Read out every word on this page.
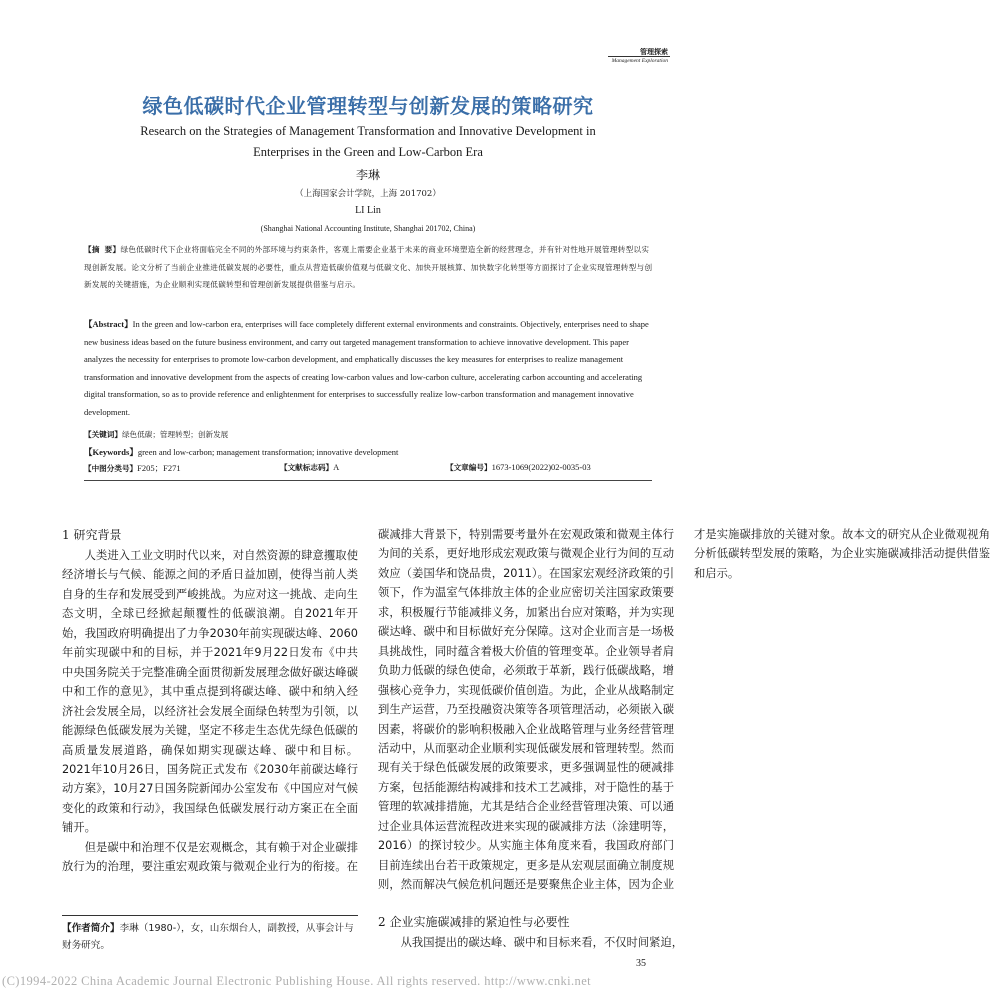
管理探索
Management Exploration
绿色低碳时代企业管理转型与创新发展的策略研究
Research on the Strategies of Management Transformation and Innovative Development in
Enterprises in the Green and Low-Carbon Era
李琳
（上海国家会计学院，上海 201702）
LI Lin
(Shanghai National Accounting Institute, Shanghai 201702, China)
【摘 要】绿色低碳时代下企业将面临完全不同的外部环境与约束条件，客观上需要企业基于未来的商业环境塑造全新的经营理念，并有针对性地开展管理转型以实现创新发展。论文分析了当前企业推进低碳发展的必要性，重点从营造低碳价值观与低碳文化、加快开展核算、加快数字化转型等方面探讨了企业实现管理转型与创新发展的关键措施，为企业顺利实现低碳转型和管理创新发展提供借鉴与启示。
【Abstract】In the green and low-carbon era, enterprises will face completely different external environments and constraints. Objectively, enterprises need to shape new business ideas based on the future business environment, and carry out targeted management transformation to achieve innovative development. This paper analyzes the necessity for enterprises to promote low-carbon development, and emphatically discusses the key measures for enterprises to realize management transformation and innovative development from the aspects of creating low-carbon values and low-carbon culture, accelerating carbon accounting and accelerating digital transformation, so as to provide reference and enlightenment for enterprises to successfully realize low-carbon transformation and management innovative development.
【关键词】绿色低碳；管理转型；创新发展
【Keywords】green and low-carbon; management transformation; innovative development
【中图分类号】F205；F271	【文献标志码】A	【文章编号】1673-1069(2022)02-0035-03
1 研究背景

人类进入工业文明时代以来，对自然资源的肆意攫取使经济增长与气候、能源之间的矛盾日益加剧，使得当前人类自身的生存和发展受到严峻挑战。为应对这一挑战、走向生态文明，全球已经掀起颠覆性的低碳浪潮。自2021年开始，我国政府明确提出了力争2030年前实现碳达峰、2060年前实现碳中和的目标，并于2021年9月22日发布《中共中央国务院关于完整准确全面贯彻新发展理念做好碳达峰碳中和工作的意见》，其中重点提到将碳达峰、碳中和纳入经济社会发展全局，以经济社会发展全面绿色转型为引领，以能源绿色低碳发展为关键，坚定不移走生态优先绿色低碳的高质量发展道路，确保如期实现碳达峰、碳中和目标。2021年10月26日，国务院正式发布《2030年前碳达峰行动方案》，10月27日国务院新闻办公室发布《中国应对气候变化的政策和行动》，我国绿色低碳发展行动方案正在全面铺开。

但是碳中和治理不仅是宏观概念，其有赖于对企业碳排放行为的治理，要注重宏观政策与微观企业行为的衔接。在碳减排大背景下，特别需要考量外在宏观政策和微观主体行为间的关系，更好地形成宏观政策与微观企业行为间的互动效应（姜国华和饶品贵，2011）。在国家宏观经济政策的引领下，作为温室气体排放主体的企业应密切关注国家政策要求，积极履行节能减排义务，加紧出台应对策略，并为实现碳达峰、碳中和目标做好充分保障。这对企业而言是一场极具挑战性，同时蕴含着极大价值的管理变革。企业领导者肩负助力低碳的绿色使命，必须敢于革新，践行低碳战略，增强核心竞争力，实现低碳价值创造。为此，企业从战略制定到生产运营，乃至投融资决策等各项管理活动，必须嵌入碳因素，将碳价的影响积极融入企业战略管理与业务经营管理活动中，从而驱动企业顺利实现低碳发展和管理转型。然而现有关于绿色低碳发展的政策要求，更多强调显性的硬减排方案，包括能源结构减排和技术工艺减排，对于隐性的基于管理的软减排措施，尤其是结合企业经营管理决策、可以通过企业具体运营流程改进来实现的碳减排方法（涂建明等，2016）的探讨较少。从实施主体角度来看，我国政府部门目前连续出台若干政策规定，更多是从宏观层面确立制度规则，然而解决气候危机问题还是要聚焦企业主体，因为企业才是实施碳排放的关键对象。故本文的研究从企业微观视角分析低碳转型发展的策略，为企业实施碳减排活动提供借鉴和启示。

【作者简介】李琳（1980-），女，山东烟台人，副教授，从事会计与财务研究。
2 企业实施碳减排的紧迫性与必要性
从我国提出的碳达峰、碳中和目标来看，不仅时间紧迫，
35
(C)1994-2022 China Academic Journal Electronic Publishing House. All rights reserved. http://www.cnki.net
